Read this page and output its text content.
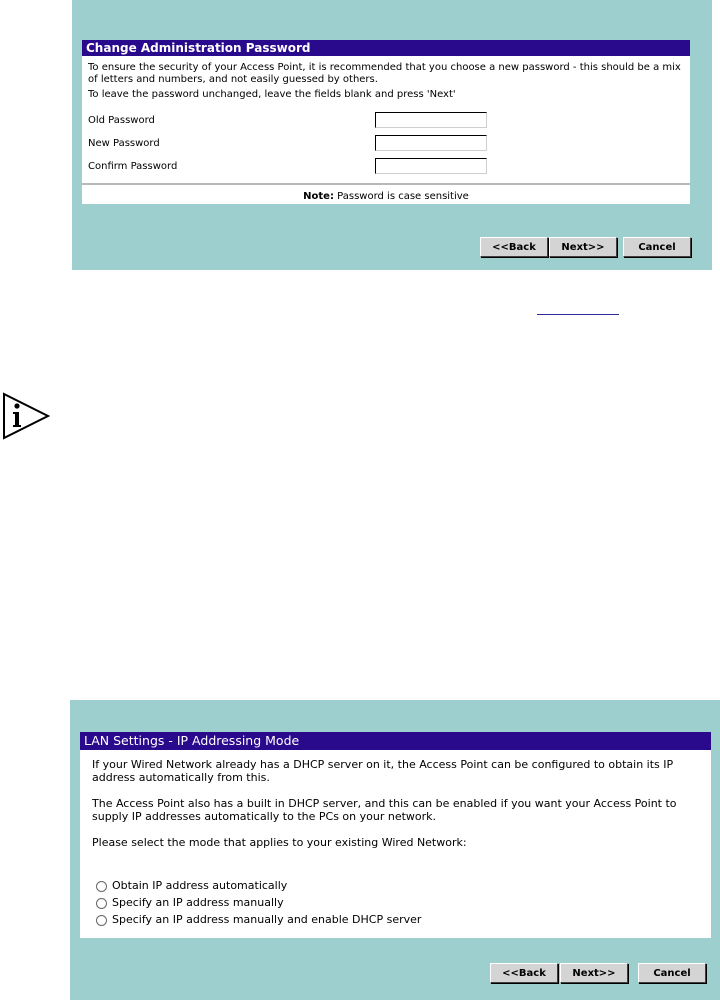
Change Administration Password

To ensure the security of your Access Point, it is recommended that you choose a new password - this should be a mix of letters and numbers, and not easily guessed by others.

To leave the password unchanged, leave the fields blank and press 'Next'

Old Password
New Password
Confirm Password
Note: Password is case sensitive
<<Back	Next>>	Cancel
LAN Settings - IP Addressing Mode

If your Wired Network already has a DHCP server on it, the Access Point can be configured to obtain its IP address automatically from this.

The Access Point also has a built in DHCP server, and this can be enabled if you want your Access Point to supply IP addresses automatically to the PCs on your network.

Please select the mode that applies to your existing Wired Network:

Obtain IP address automatically
Specify an IP address manually
Specify an IP address manually and enable DHCP server
<<Back	Next>>	Cancel
